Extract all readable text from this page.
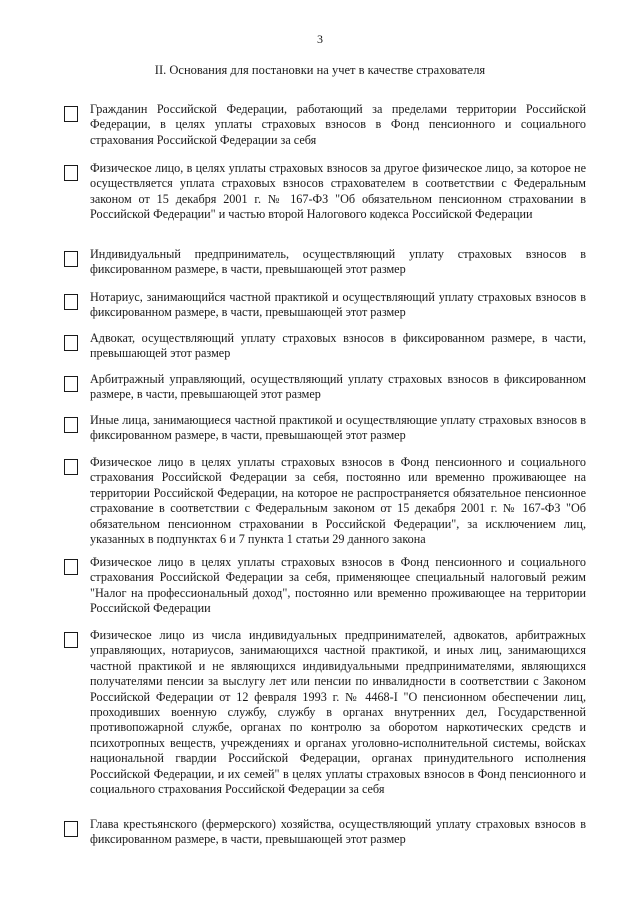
3
II. Основания для постановки на учет в качестве страхователя
Гражданин Российской Федерации, работающий за пределами территории Российской Федерации, в целях уплаты страховых взносов в Фонд пенсионного и социального страхования Российской Федерации за себя
Физическое лицо, в целях уплаты страховых взносов за другое физическое лицо, за которое не осуществляется уплата страховых взносов страхователем в соответствии с Федеральным законом от 15 декабря 2001 г. № 167-ФЗ "Об обязательном пенсионном страховании в Российской Федерации" и частью второй Налогового кодекса Российской Федерации
Индивидуальный предприниматель, осуществляющий уплату страховых взносов в фиксированном размере, в части, превышающей этот размер
Нотариус, занимающийся частной практикой и осуществляющий уплату страховых взносов в фиксированном размере, в части, превышающей этот размер
Адвокат, осуществляющий уплату страховых взносов в фиксированном размере, в части, превышающей этот размер
Арбитражный управляющий, осуществляющий уплату страховых взносов в фиксированном размере, в части, превышающей этот размер
Иные лица, занимающиеся частной практикой и осуществляющие уплату страховых взносов в фиксированном размере, в части, превышающей этот размер
Физическое лицо в целях уплаты страховых взносов в Фонд пенсионного и социального страхования Российской Федерации за себя, постоянно или временно проживающее на территории Российской Федерации, на которое не распространяется обязательное пенсионное страхование в соответствии с Федеральным законом от 15 декабря 2001 г. № 167-ФЗ "Об обязательном пенсионном страховании в Российской Федерации", за исключением лиц, указанных в подпунктах 6 и 7 пункта 1 статьи 29 данного закона
Физическое лицо в целях уплаты страховых взносов в Фонд пенсионного и социального страхования Российской Федерации за себя, применяющее специальный налоговый режим "Налог на профессиональный доход", постоянно или временно проживающее на территории Российской Федерации
Физическое лицо из числа индивидуальных предпринимателей, адвокатов, арбитражных управляющих, нотариусов, занимающихся частной практикой, и иных лиц, занимающихся частной практикой и не являющихся индивидуальными предпринимателями, являющихся получателями пенсии за выслугу лет или пенсии по инвалидности в соответствии с Законом Российской Федерации от 12 февраля 1993 г. № 4468-I "О пенсионном обеспечении лиц, проходивших военную службу, службу в органах внутренних дел, Государственной противопожарной службе, органах по контролю за оборотом наркотических средств и психотропных веществ, учреждениях и органах уголовно-исполнительной системы, войсках национальной гвардии Российской Федерации, органах принудительного исполнения Российской Федерации, и их семей" в целях уплаты страховых взносов в Фонд пенсионного и социального страхования Российской Федерации за себя
Глава крестьянского (фермерского) хозяйства, осуществляющий уплату страховых взносов в фиксированном размере, в части, превышающей этот размер
